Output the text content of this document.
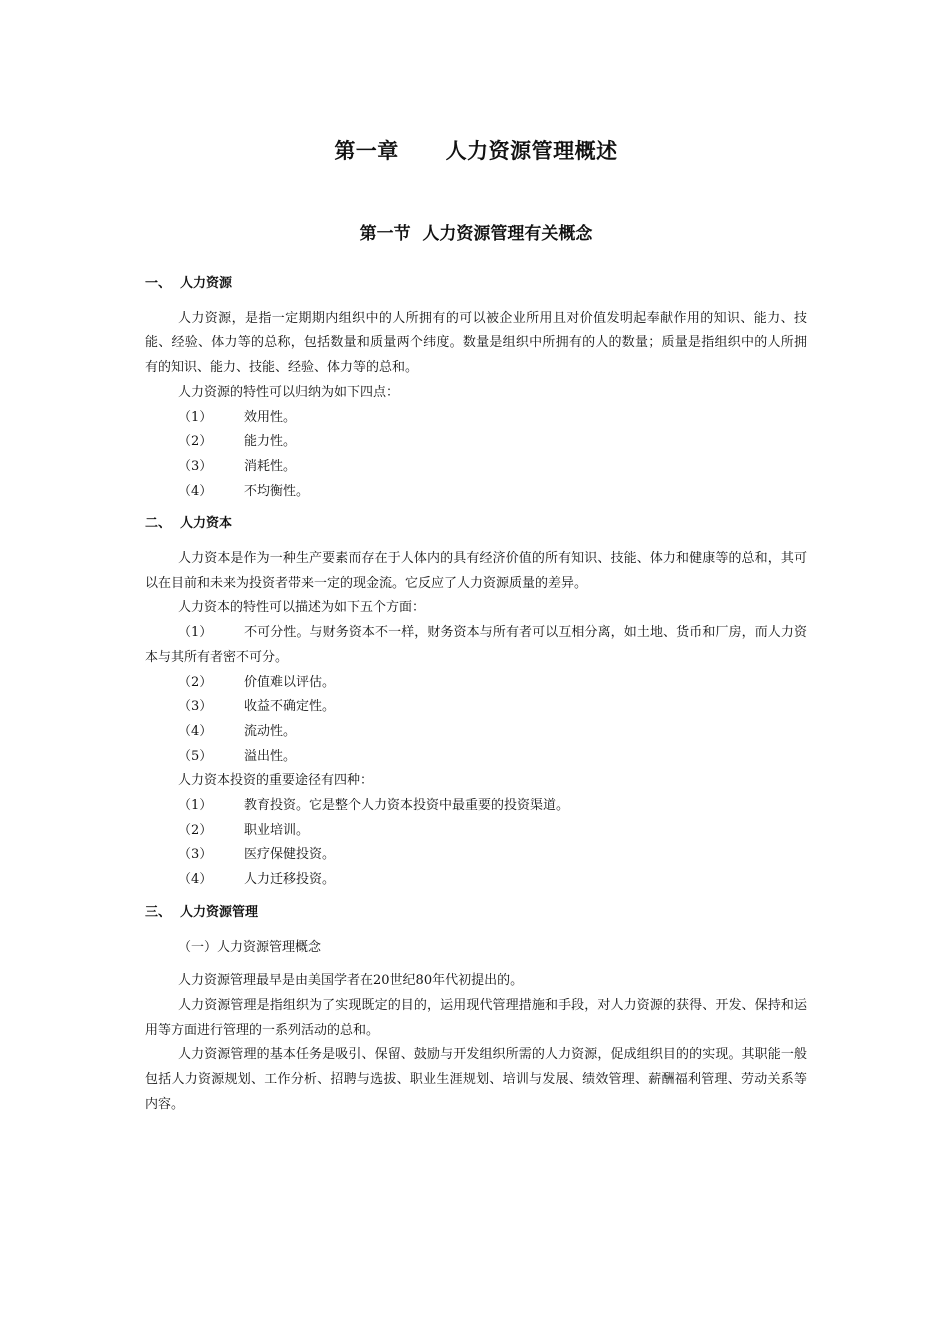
第一章      人力资源管理概述
第一节  人力资源管理有关概念
一、  人力资源

人力资源，是指一定期期内组织中的人所拥有的可以被企业所用且对价值发明起奉献作用的知识、能力、技能、经验、体力等的总称，包括数量和质量两个纬度。数量是组织中所拥有的人的数量；质量是指组织中的人所拥有的知识、能力、技能、经验、体力等的总和。

人力资源的特性可以归纳为如下四点：

（1） 效用性。

（2） 能力性。

（3） 消耗性。

（4） 不均衡性。

二、  人力资本

人力资本是作为一种生产要素而存在于人体内的具有经济价值的所有知识、技能、体力和健康等的总和，其可以在目前和未来为投资者带来一定的现金流。它反应了人力资源质量的差异。

人力资本的特性可以描述为如下五个方面：

（1） 不可分性。与财务资本不一样，财务资本与所有者可以互相分离，如土地、货币和厂房，而人力资本与其所有者密不可分。

（2） 价值难以评估。

（3） 收益不确定性。

（4） 流动性。

（5） 溢出性。

人力资本投资的重要途径有四种：

（1） 教育投资。它是整个人力资本投资中最重要的投资渠道。

（2） 职业培训。

（3） 医疗保健投资。

（4） 人力迁移投资。

三、  人力资源管理

（一）人力资源管理概念

人力资源管理最早是由美国学者在20世纪80年代初提出的。

人力资源管理是指组织为了实现既定的目的，运用现代管理措施和手段，对人力资源的获得、开发、保持和运用等方面进行管理的一系列活动的总和。

人力资源管理的基本任务是吸引、保留、鼓励与开发组织所需的人力资源，促成组织目的的实现。其职能一般包括人力资源规划、工作分析、招聘与选拔、职业生涯规划、培训与发展、绩效管理、薪酬福利管理、劳动关系等内容。
